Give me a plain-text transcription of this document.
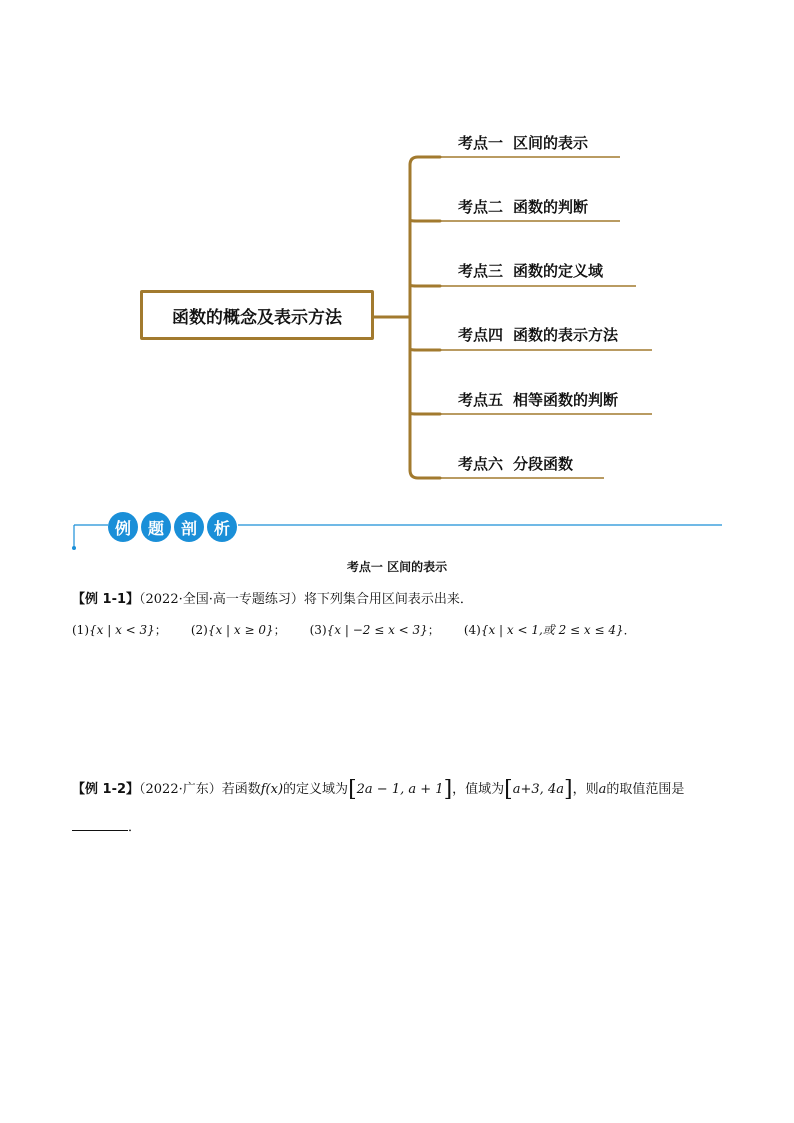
函数的概念及表示方法
考点一 区间的表示
考点二 函数的判断
考点三 函数的定义域
考点四 函数的表示方法
考点五 相等函数的判断
考点六 分段函数
例	题	剖	析
考点一 区间的表示
【例 1-1】（2022·全国·高一专题练习）将下列集合用区间表示出来．
(1){x | x < 3}； (2){x | x ≥ 0}； (3){x | −2 ≤ x < 3}； (4){x | x < 1,或 2 ≤ x ≤ 4}．
【例 1-2】（2022·广东）若函数f(x)的定义域为[2a − 1, a + 1]，值域为[a+3, 4a]，则a的取值范围是
．
